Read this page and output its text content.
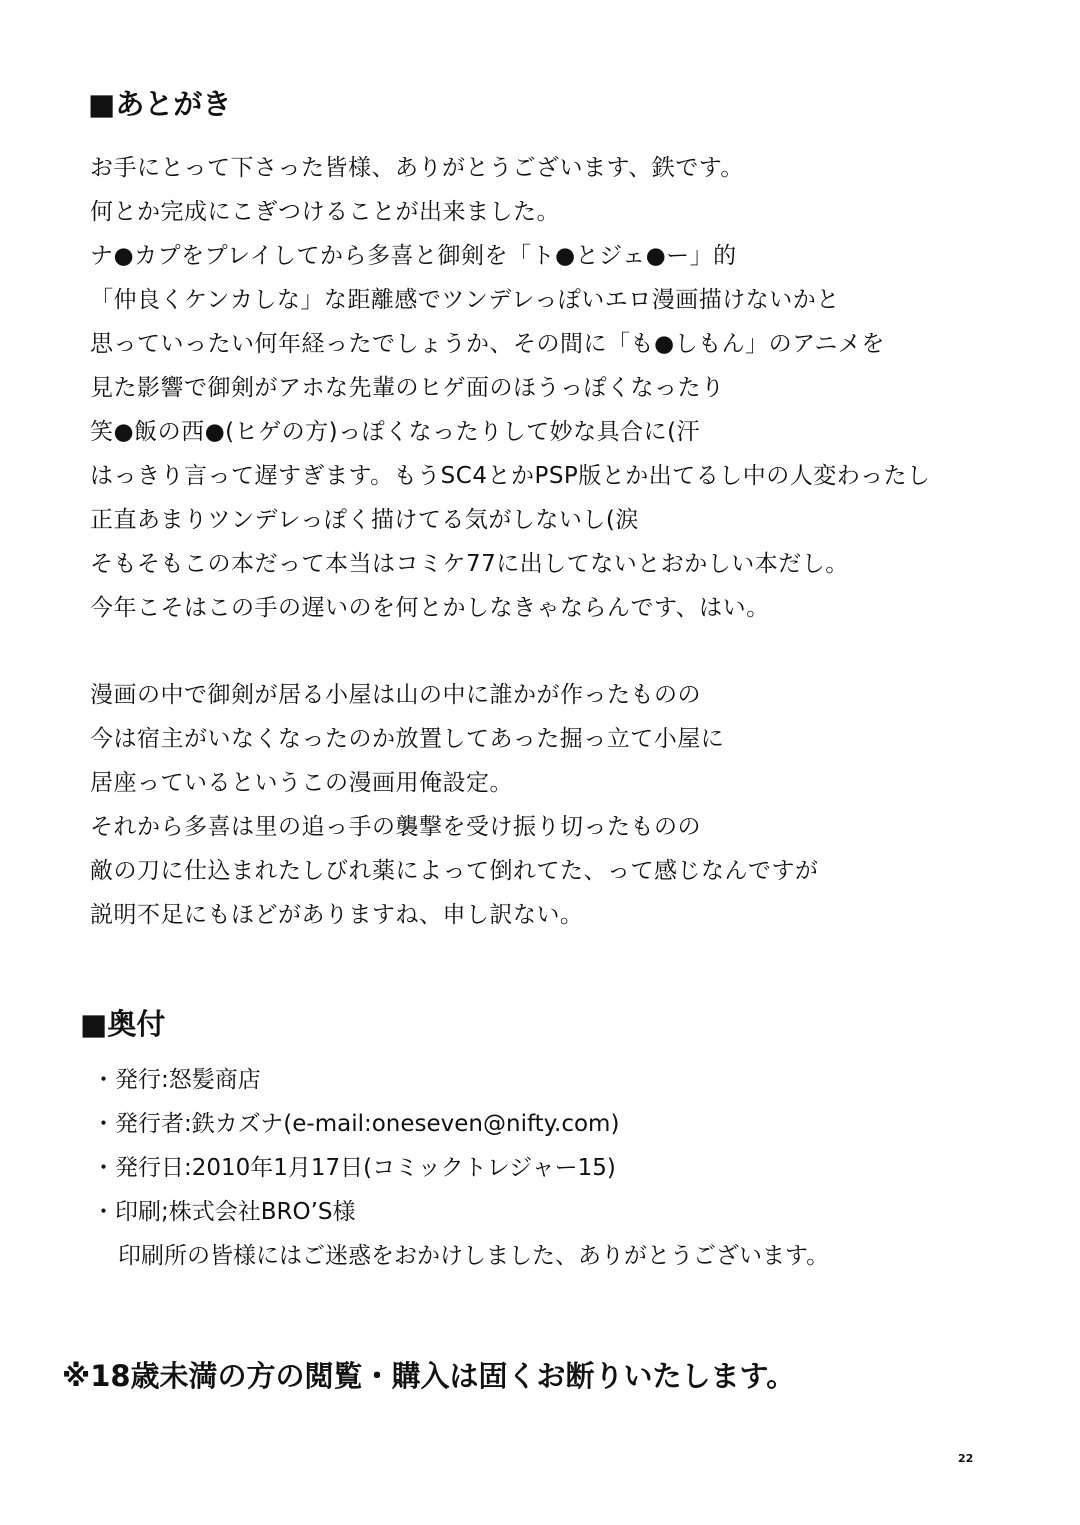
■あとがき
お手にとって下さった皆様、ありがとうございます、鉄です。
何とか完成にこぎつけることが出来ました。
ナ●カプをプレイしてから多喜と御剣を「ト●とジェ●ー」的
「仲良くケンカしな」な距離感でツンデレっぽいエロ漫画描けないかと
思っていったい何年経ったでしょうか、その間に「も●しもん」のアニメを
見た影響で御剣がアホな先輩のヒゲ面のほうっぽくなったり
笑●飯の西●(ヒゲの方)っぽくなったりして妙な具合に(汗
はっきり言って遅すぎます。もうSC4とかPSP版とか出てるし中の人変わったし
正直あまりツンデレっぽく描けてる気がしないし(涙
そもそもこの本だって本当はコミケ77に出してないとおかしい本だし。
今年こそはこの手の遅いのを何とかしなきゃならんです、はい。
漫画の中で御剣が居る小屋は山の中に誰かが作ったものの
今は宿主がいなくなったのか放置してあった掘っ立て小屋に
居座っているというこの漫画用俺設定。
それから多喜は里の追っ手の襲撃を受け振り切ったものの
敵の刀に仕込まれたしびれ薬によって倒れてた、って感じなんですが
説明不足にもほどがありますね、申し訳ない。
■奥付
・発行:怒髪商店
・発行者:鉄カズナ(e-mail:oneseven@nifty.com)
・発行日:2010年1月17日(コミックトレジャー15)
・印刷;株式会社BRO’S様
印刷所の皆様にはご迷惑をおかけしました、ありがとうございます。

※18歳未満の方の閲覧・購入は固くお断りいたします。

22
